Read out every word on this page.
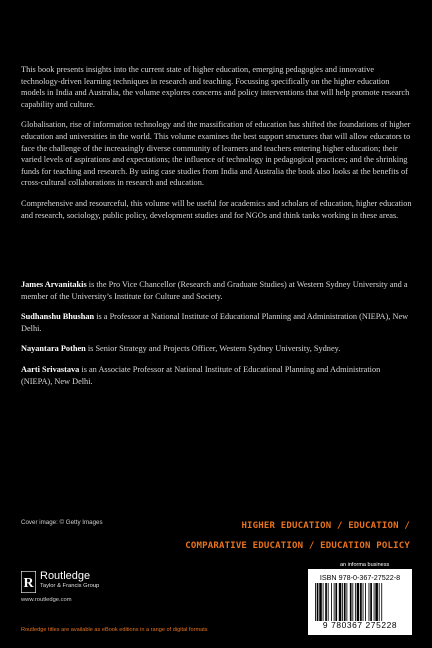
This book presents insights into the current state of higher education, emerging pedagogies and innovative technology-driven learning techniques in research and teaching. Focussing specifically on the higher education models in India and Australia, the volume explores concerns and policy interventions that will help promote research capability and culture.

Globalisation, rise of information technology and the massification of education has shifted the foundations of higher education and universities in the world. This volume examines the best support structures that will allow educators to face the challenge of the increasingly diverse community of learners and teachers entering higher education; their varied levels of aspirations and expectations; the influence of technology in pedagogical practices; and the shrinking funds for teaching and research. By using case studies from India and Australia the book also looks at the benefits of cross-cultural collaborations in research and education.

Comprehensive and resourceful, this volume will be useful for academics and scholars of education, higher education and research, sociology, public policy, development studies and for NGOs and think tanks working in these areas.

James Arvanitakis is the Pro Vice Chancellor (Research and Graduate Studies) at Western Sydney University and a member of the University’s Institute for Culture and Society.

Sudhanshu Bhushan is a Professor at National Institute of Educational Planning and Administration (NIEPA), New Delhi.

Nayantara Pothen is Senior Strategy and Projects Officer, Western Sydney University, Sydney.

Aarti Srivastava is an Associate Professor at National Institute of Educational Planning and Administration (NIEPA), New Delhi.

Cover image: © Getty Images	HIGHER EDUCATION / EDUCATION /
COMPARATIVE EDUCATION / EDUCATION POLICY
R Routledge
Taylor & Francis Group
www.routledge.com
an informa business
ISBN 978-0-367-27522-8
9 780367 275228
Routledge titles are available as eBook editions in a range of digital formats
